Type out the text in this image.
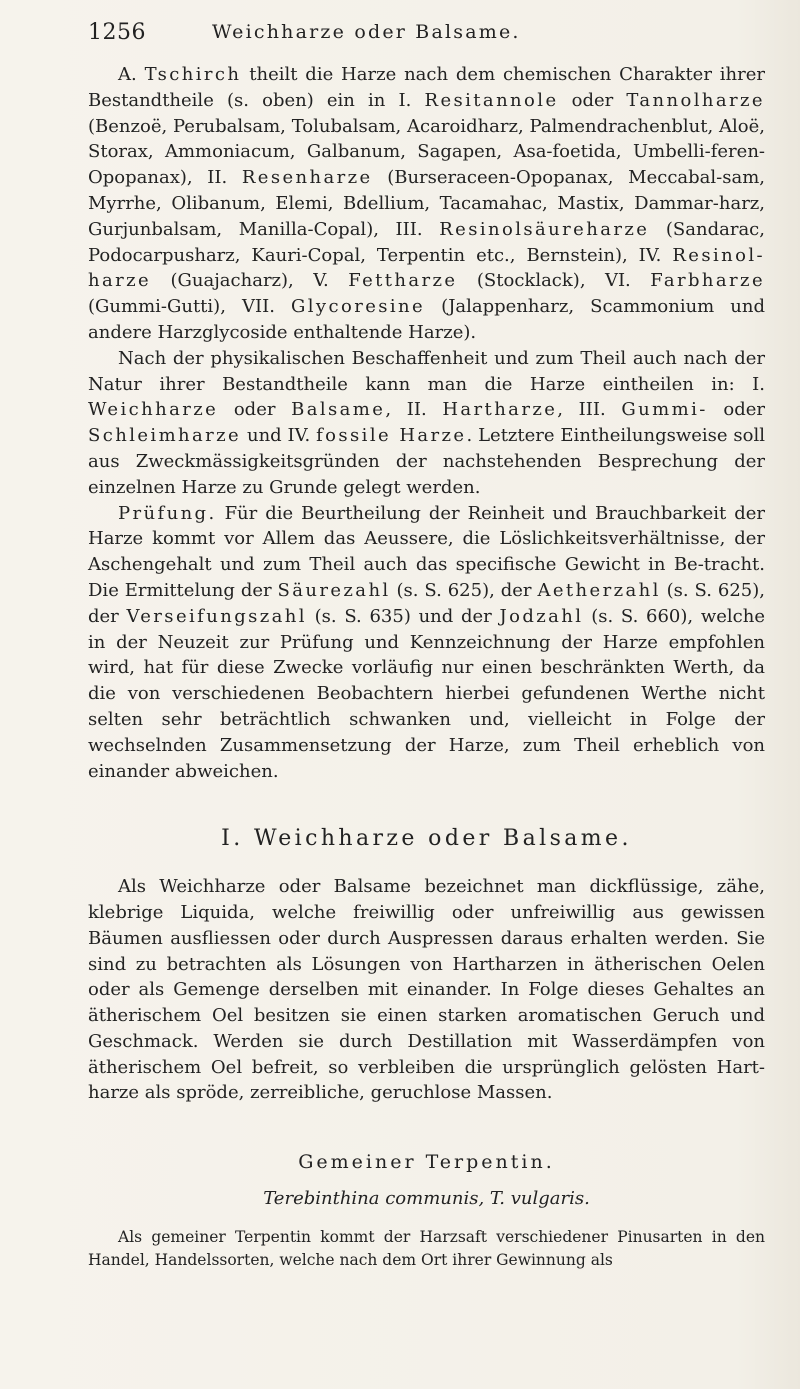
1256	Weichharze oder Balsame.

A. Tschirch theilt die Harze nach dem chemischen Charakter ihrer Bestandtheile (s. oben) ein in I. Resitannole oder Tannolharze (Benzoë, Perubalsam, Tolubalsam, Acaroidharz, Palmendrachenblut, Aloë, Storax, Ammoniacum, Galbanum, Sagapen, Asa-foetida, Umbelli-feren-Opopanax), II. Resenharze (Burseraceen-Opopanax, Meccabal-sam, Myrrhe, Olibanum, Elemi, Bdellium, Tacamahac, Mastix, Dammar-harz, Gurjunbalsam, Manilla-Copal), III. Resinolsäureharze (Sandarac, Podocarpusharz, Kauri-Copal, Terpentin etc., Bernstein), IV. Resinol-harze (Guajacharz), V. Fettharze (Stocklack), VI. Farbharze (Gummi-Gutti), VII. Glycoresine (Jalappenharz, Scammonium und andere Harzglycoside enthaltende Harze).

Nach der physikalischen Beschaffenheit und zum Theil auch nach der Natur ihrer Bestandtheile kann man die Harze eintheilen in: I. Weichharze oder Balsame, II. Hartharze, III. Gummi- oder Schleimharze und IV. fossile Harze. Letztere Eintheilungsweise soll aus Zweckmässigkeitsgründen der nachstehenden Besprechung der einzelnen Harze zu Grunde gelegt werden.

Prüfung. Für die Beurtheilung der Reinheit und Brauchbarkeit der Harze kommt vor Allem das Aeussere, die Löslichkeitsverhältnisse, der Aschengehalt und zum Theil auch das specifische Gewicht in Be-tracht. Die Ermittelung der Säurezahl (s. S. 625), der Aetherzahl (s. S. 625), der Verseifungszahl (s. S. 635) und der Jodzahl (s. S. 660), welche in der Neuzeit zur Prüfung und Kennzeichnung der Harze empfohlen wird, hat für diese Zwecke vorläufig nur einen beschränkten Werth, da die von verschiedenen Beobachtern hierbei gefundenen Werthe nicht selten sehr beträchtlich schwanken und, vielleicht in Folge der wechselnden Zusammensetzung der Harze, zum Theil erheblich von einander abweichen.

I. Weichharze oder Balsame.

Als Weichharze oder Balsame bezeichnet man dickflüssige, zähe, klebrige Liquida, welche freiwillig oder unfreiwillig aus gewissen Bäumen ausfliessen oder durch Auspressen daraus erhalten werden. Sie sind zu betrachten als Lösungen von Hartharzen in ätherischen Oelen oder als Gemenge derselben mit einander. In Folge dieses Gehaltes an ätherischem Oel besitzen sie einen starken aromatischen Geruch und Geschmack. Werden sie durch Destillation mit Wasserdämpfen von ätherischem Oel befreit, so verbleiben die ursprünglich gelösten Hart-harze als spröde, zerreibliche, geruchlose Massen.

Gemeiner Terpentin.
Terebinthina communis, T. vulgaris.

Als gemeiner Terpentin kommt der Harzsaft verschiedener Pinusarten in den Handel, Handelssorten, welche nach dem Ort ihrer Gewinnung als
